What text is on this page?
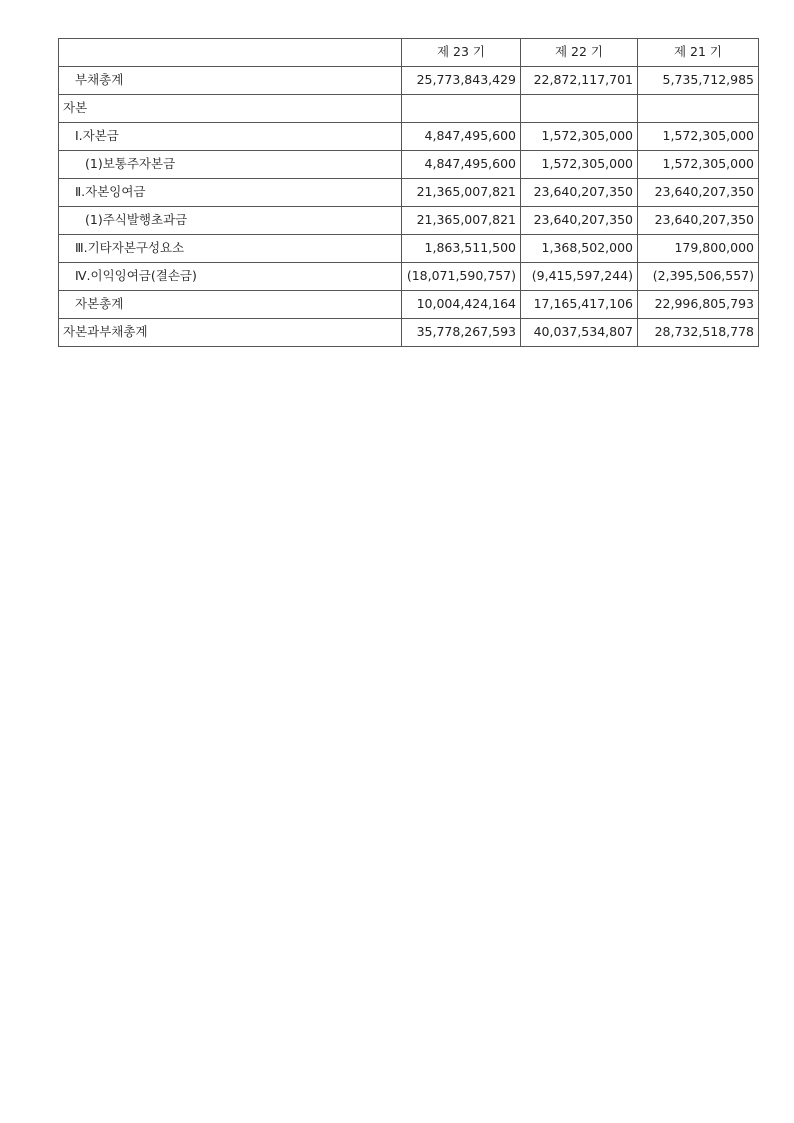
	제 23 기	제 22 기	제 21 기
부채총계	25,773,843,429	22,872,117,701	5,735,712,985
자본			
Ⅰ.자본금	4,847,495,600	1,572,305,000	1,572,305,000
(1)보통주자본금	4,847,495,600	1,572,305,000	1,572,305,000
Ⅱ.자본잉여금	21,365,007,821	23,640,207,350	23,640,207,350
(1)주식발행초과금	21,365,007,821	23,640,207,350	23,640,207,350
Ⅲ.기타자본구성요소	1,863,511,500	1,368,502,000	179,800,000
Ⅳ.이익잉여금(결손금)	(18,071,590,757)	(9,415,597,244)	(2,395,506,557)
자본총계	10,004,424,164	17,165,417,106	22,996,805,793
자본과부채총계	35,778,267,593	40,037,534,807	28,732,518,778
